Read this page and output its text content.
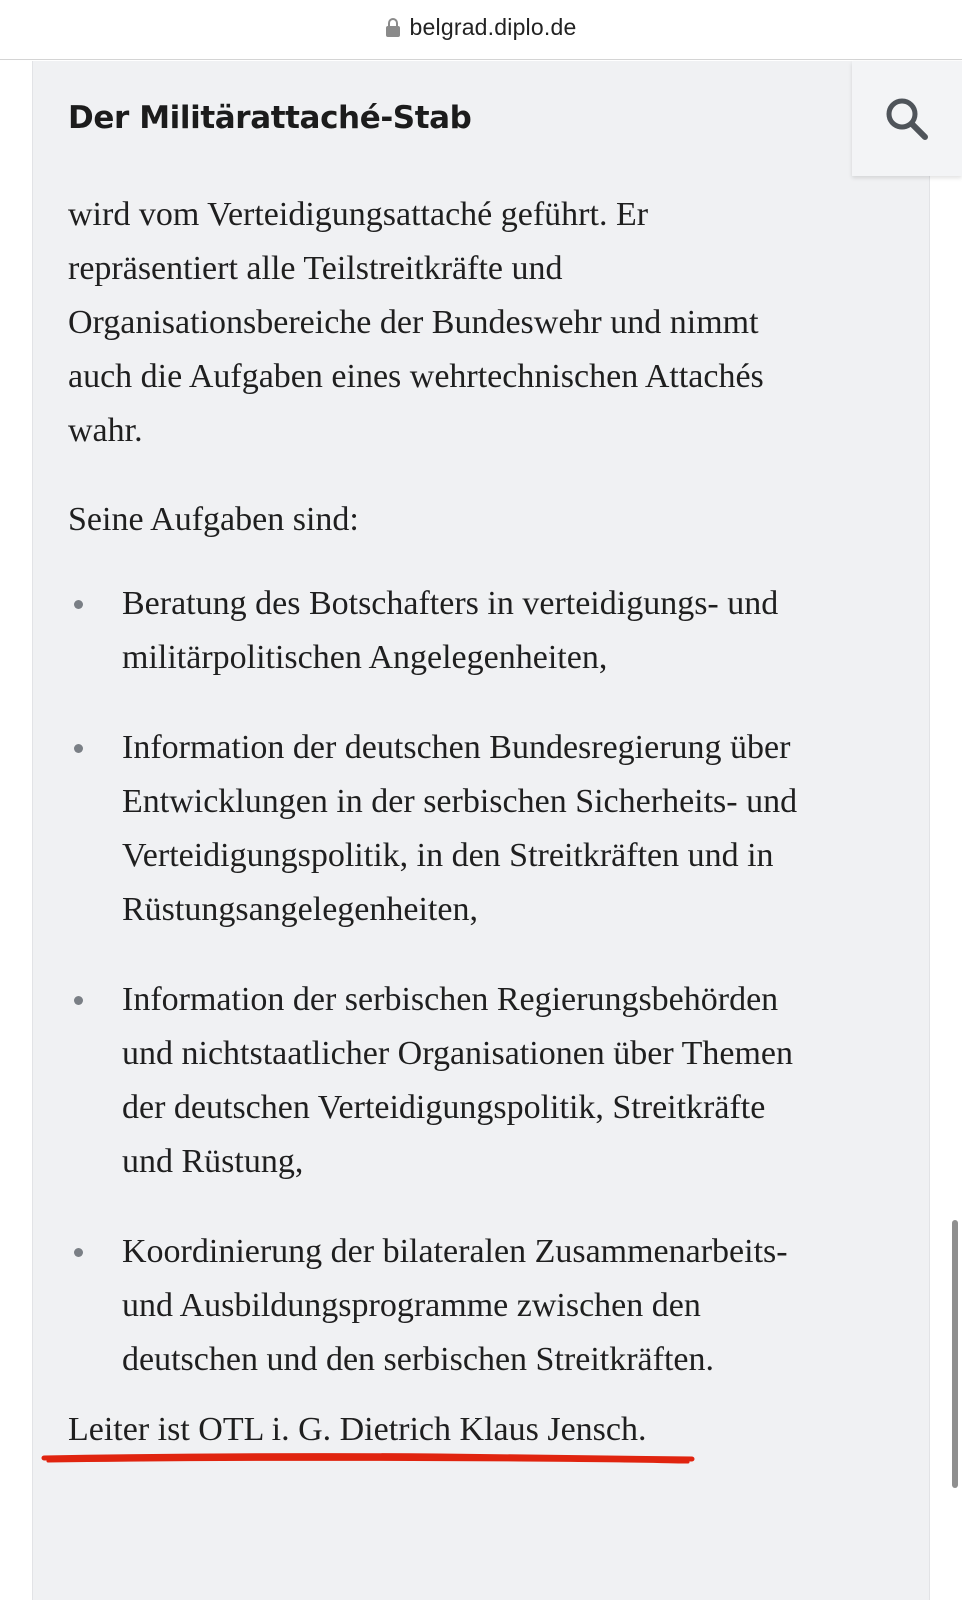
belgrad.diplo.de
Der Militärattaché-Stab

wird vom Verteidigungsattaché geführt. Er
repräsentiert alle Teilstreitkräfte und
Organisationsbereiche der Bundeswehr und nimmt
auch die Aufgaben eines wehrtechnischen Attachés
wahr.

Seine Aufgaben sind:

Beratung des Botschafters in verteidigungs- und
militärpolitischen Angelegenheiten,
Information der deutschen Bundesregierung über
Entwicklungen in der serbischen Sicherheits- und
Verteidigungspolitik, in den Streitkräften und in
Rüstungsangelegenheiten,
Information der serbischen Regierungsbehörden
und nichtstaatlicher Organisationen über Themen
der deutschen Verteidigungspolitik, Streitkräfte
und Rüstung,
Koordinierung der bilateralen Zusammenarbeits-
und Ausbildungsprogramme zwischen den
deutschen und den serbischen Streitkräften.

Leiter ist OTL i. G. Dietrich Klaus Jensch.
